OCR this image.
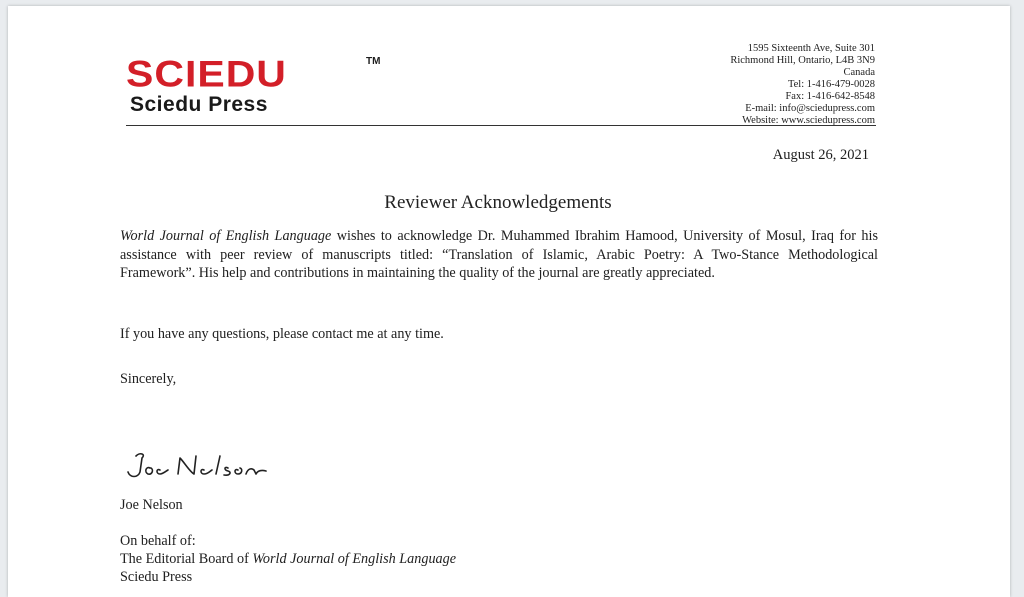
SCIEDU	TM
Sciedu Press
1595 Sixteenth Ave, Suite 301
Richmond Hill, Ontario, L4B 3N9
Canada
Tel: 1-416-479-0028
Fax: 1-416-642-8548
E-mail: info@sciedupress.com
Website: www.sciedupress.com
August 26, 2021
Reviewer Acknowledgements
World Journal of English Language wishes to acknowledge Dr. Muhammed Ibrahim Hamood, University of Mosul, Iraq for his assistance with peer review of manuscripts titled: “Translation of Islamic, Arabic Poetry: A Two-Stance Methodological Framework”. His help and contributions in maintaining the quality of the journal are greatly appreciated.
If you have any questions, please contact me at any time.
Sincerely,
Joe Nelson
On behalf of:
The Editorial Board of World Journal of English Language
Sciedu Press
